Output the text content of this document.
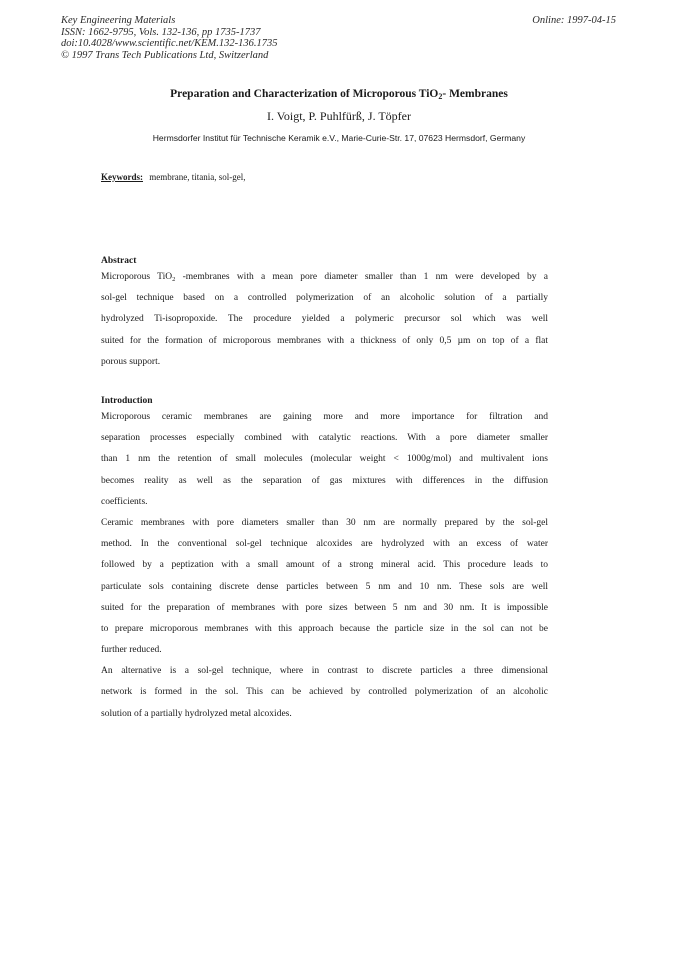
Key Engineering Materials
ISSN: 1662-9795, Vols. 132-136, pp 1735-1737
doi:10.4028/www.scientific.net/KEM.132-136.1735
© 1997 Trans Tech Publications Ltd, Switzerland
Online: 1997-04-15
Preparation and Characterization of Microporous TiO$_2$- Membranes
I. Voigt, P. Puhlfürß, J. Töpfer
Hermsdorfer Institut für Technische Keramik e.V., Marie-Curie-Str. 17, 07623 Hermsdorf, Germany
Keywords: membrane, titania, sol-gel,
Abstract
Microporous TiO$_2$ -membranes with a mean pore diameter smaller than 1 nm were developed by a
sol-gel technique based on a controlled polymerization of an alcoholic solution of a partially
hydrolyzed Ti-isopropoxide. The procedure yielded a polymeric precursor sol which was well
suited for the formation of microporous membranes with a thickness of only 0,5 µm on top of a flat
porous support.
Introduction
Microporous ceramic membranes are gaining more and more importance for filtration and
separation processes especially combined with catalytic reactions. With a pore diameter smaller
than 1 nm the retention of small molecules (molecular weight < 1000g/mol) and multivalent ions
becomes reality as well as the separation of gas mixtures with differences in the diffusion
coefficients.
Ceramic membranes with pore diameters smaller than 30 nm are normally prepared by the sol-gel
method. In the conventional sol-gel technique alcoxides are hydrolyzed with an excess of water
followed by a peptization with a small amount of a strong mineral acid. This procedure leads to
particulate sols containing discrete dense particles between 5 nm and 10 nm. These sols are well
suited for the preparation of membranes with pore sizes between 5 nm and 30 nm. It is impossible
to prepare microporous membranes with this approach because the particle size in the sol can not be
further reduced.
An alternative is a sol-gel technique, where in contrast to discrete particles a three dimensional
network is formed in the sol. This can be achieved by controlled polymerization of an alcoholic
solution of a partially hydrolyzed metal alcoxides.
